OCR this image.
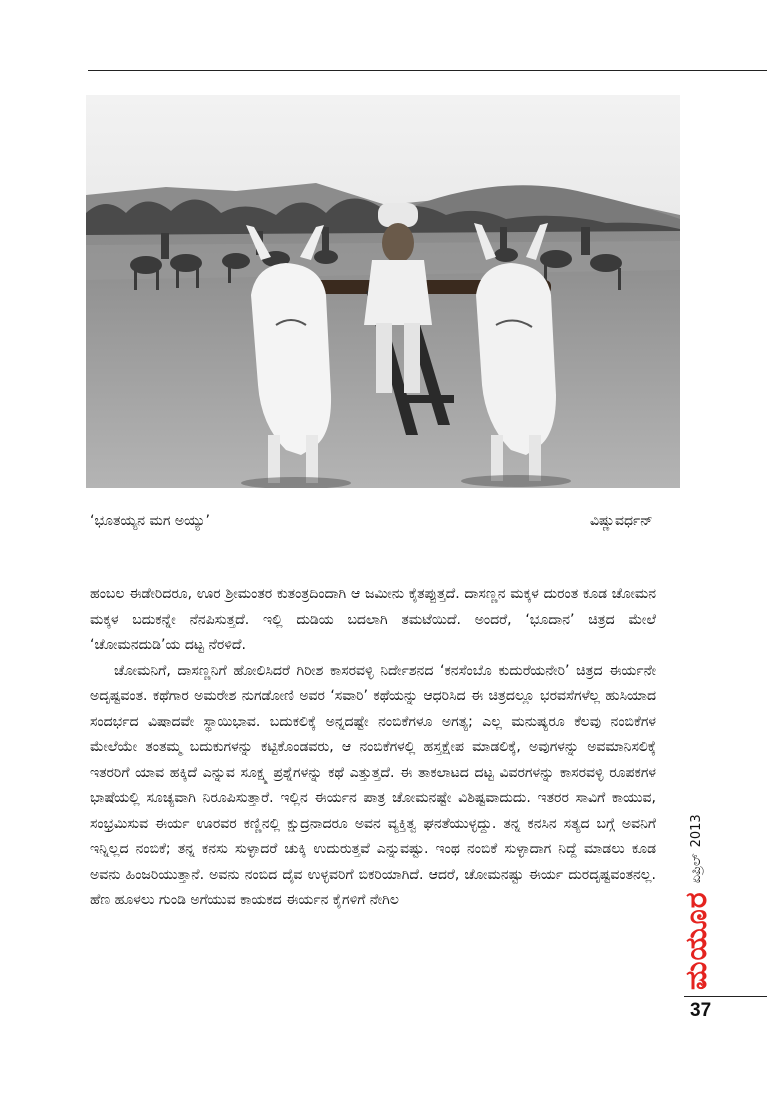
‘ಭೂತಯ್ಯನ ಮಗ ಅಯ್ಯು’	ವಿಷ್ಣುವರ್ಧನ್

ಹಂಬಲ ಈಡೇರಿದರೂ, ಊರ ಶ್ರೀಮಂತರ ಕುತಂತ್ರದಿಂದಾಗಿ ಆ ಜಮೀನು ಕೈತಪ್ಪುತ್ತದೆ. ದಾಸಣ್ಣನ ಮಕ್ಕಳ ದುರಂತ ಕೂಡ ಚೋಮನ ಮಕ್ಕಳ ಬದುಕನ್ನೇ ನೆನಪಿಸುತ್ತದೆ. ಇಲ್ಲಿ ದುಡಿಯ ಬದಲಾಗಿ ತಮಟೆಯಿದೆ. ಅಂದರೆ, ‘ಭೂದಾನ’ ಚಿತ್ರದ ಮೇಲೆ ‘ಚೋಮನದುಡಿ’ಯ ದಟ್ಟ ನೆರಳಿದೆ.

ಚೋಮನಿಗೆ, ದಾಸಣ್ಣನಿಗೆ ಹೋಲಿಸಿದರೆ ಗಿರೀಶ ಕಾಸರವಳ್ಳಿ ನಿರ್ದೇಶನದ ‘ಕನಸೆಂಬೊ ಕುದುರೆಯನೇರಿ’ ಚಿತ್ರದ ಈರ್ಯನೇ ಅದೃಷ್ಟವಂತ. ಕಥೆಗಾರ ಅಮರೇಶ ನುಗಡೋಣಿ ಅವರ ‘ಸವಾರಿ’ ಕಥೆಯನ್ನು ಆಧರಿಸಿದ ಈ ಚಿತ್ರದಲ್ಲೂ ಭರವಸೆಗಳೆಲ್ಲ ಹುಸಿಯಾದ ಸಂದರ್ಭದ ವಿಷಾದವೇ ಸ್ಥಾಯಿಭಾವ. ಬದುಕಲಿಕ್ಕೆ ಅನ್ನದಷ್ಟೇ ನಂಬಿಕೆಗಳೂ ಅಗತ್ಯ; ಎಲ್ಲ ಮನುಷ್ಯರೂ ಕೆಲವು ನಂಬಿಕೆಗಳ ಮೇಲೆಯೇ ತಂತಮ್ಮ ಬದುಕುಗಳನ್ನು ಕಟ್ಟಿಕೊಂಡವರು, ಆ ನಂಬಿಕೆಗಳಲ್ಲಿ ಹಸ್ತಕ್ಷೇಪ ಮಾಡಲಿಕ್ಕೆ, ಅವುಗಳನ್ನು ಅವಮಾನಿಸಲಿಕ್ಕೆ ಇತರರಿಗೆ ಯಾವ ಹಕ್ಕಿದೆ ಎನ್ನುವ ಸೂಕ್ಷ್ಮ ಪ್ರಶ್ನೆಗಳನ್ನು ಕಥೆ ಎತ್ತುತ್ತದೆ. ಈ ತಾಕಲಾಟದ ದಟ್ಟ ವಿವರಗಳನ್ನು ಕಾಸರವಳ್ಳಿ ರೂಪಕಗಳ ಭಾಷೆಯಲ್ಲಿ ಸೂಚ್ಯವಾಗಿ ನಿರೂಪಿಸುತ್ತಾರೆ. ಇಲ್ಲಿನ ಈರ್ಯನ ಪಾತ್ರ ಚೋಮನಷ್ಟೇ ವಿಶಿಷ್ಟವಾದುದು. ಇತರರ ಸಾವಿಗೆ ಕಾಯುವ, ಸಂಭ್ರಮಿಸುವ ಈರ್ಯ ಊರವರ ಕಣ್ಣಿನಲ್ಲಿ ಕ್ಷುದ್ರನಾದರೂ ಅವನ ವ್ಯಕ್ತಿತ್ವ ಘನತೆಯುಳ್ಳದ್ದು. ತನ್ನ ಕನಸಿನ ಸತ್ಯದ ಬಗ್ಗೆ ಅವನಿಗೆ ಇನ್ನಿಲ್ಲದ ನಂಬಿಕೆ; ತನ್ನ ಕನಸು ಸುಳ್ಳಾದರೆ ಚುಕ್ಕಿ ಉದುರುತ್ತವೆ ಎನ್ನುವಷ್ಟು. ಇಂಥ ನಂಬಿಕೆ ಸುಳ್ಳಾದಾಗ ನಿದ್ದೆ ಮಾಡಲು ಕೂಡ ಅವನು ಹಿಂಜರಿಯುತ್ತಾನೆ. ಅವನು ನಂಬಿದ ದೈವ ಉಳ್ಳವರಿಗೆ ಬಿಕರಿಯಾಗಿದೆ. ಆದರೆ, ಚೋಮನಷ್ಟು ಈರ್ಯ ದುರದೃಷ್ಟವಂತನಲ್ಲ. ಹೆಣ ಹೂಳಲು ಗುಂಡಿ ಅಗೆಯುವ ಕಾಯಕದ ಈರ್ಯನ ಕೈಗಳಿಗೆ ನೇಗಿಲ	ಮಯೂರ
ಏಪ್ರಿಲ್
2013
37
